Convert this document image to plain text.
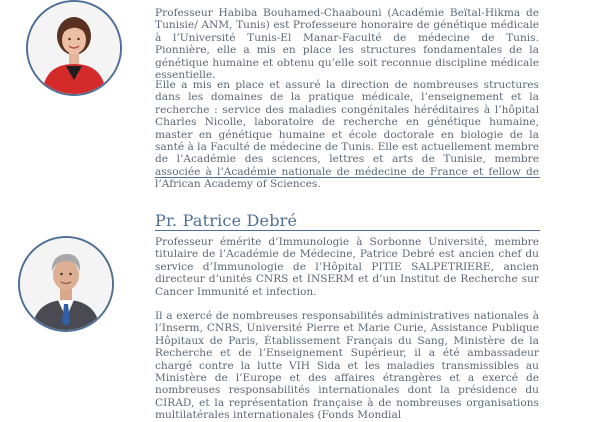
Professeur Habiba Bouhamed-Chaabouni (Académie Beïtal-Hikma de Tunisie/ ANM, Tunis) est Professeure honoraire de génétique médicale à l’Université Tunis-El Manar-Faculté de médecine de Tunis. Pionnière, elle a mis en place les structures fondamentales de la génétique humaine et obtenu qu’elle soit reconnue discipline médicale essentielle.
Elle a mis en place et assuré la direction de nombreuses structures dans les domaines de la pratique médicale, l’enseignement et la recherche : service des maladies congénitales héréditaires à l’hôpital Charles Nicolle, laboratoire de recherche en génétique humaine, master en génétique humaine et école doctorale en biologie de la santé à la Faculté de médecine de Tunis. Elle est actuellement membre de l’Académie des sciences, lettres et arts de Tunisie, membre associée à l’Académie nationale de médecine de France et fellow de l’African Academy of Sciences.
Pr. Patrice Debré
Professeur émérite d’Immunologie à Sorbonne Université, membre titulaire de l’Académie de Médecine, Patrice Debré est ancien chef du service d’Immunologie de l’Hôpital PITIE SALPETRIERE, ancien directeur d’unités CNRS et INSERM et d’un Institut de Recherche sur Cancer Immunité et infection.
Il a exercé de nombreuses responsabilités administratives nationales à l’Inserm, CNRS, Université Pierre et Marie Curie, Assistance Publique Hôpitaux de Paris, Établissement Français du Sang, Ministère de la Recherche et de l’Enseignement Supérieur, il a été ambassadeur chargé contre la lutte VIH Sida et les maladies transmissibles au Ministère de l’Europe et des affaires étrangères et a exercé de nombreuses responsabilités internationales dont la présidence du CIRAD, et la représentation française à de nombreuses organisations multilatérales internationales (Fonds Mondial
